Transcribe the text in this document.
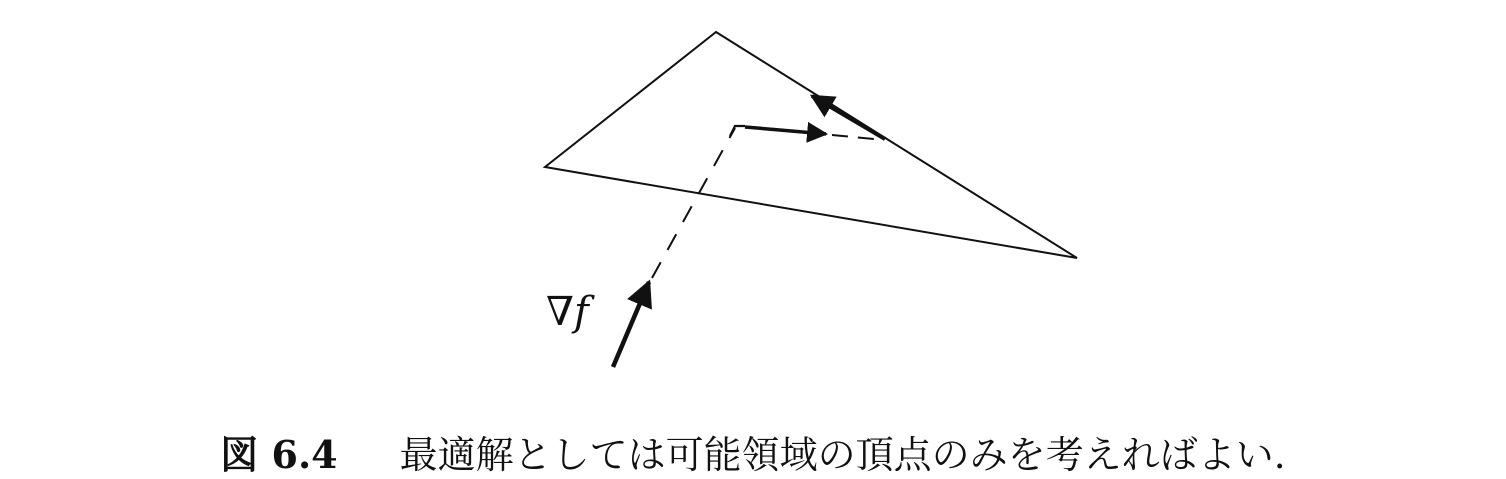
∇f
図 6.4 最適解としては可能領域の頂点のみを考えればよい.
